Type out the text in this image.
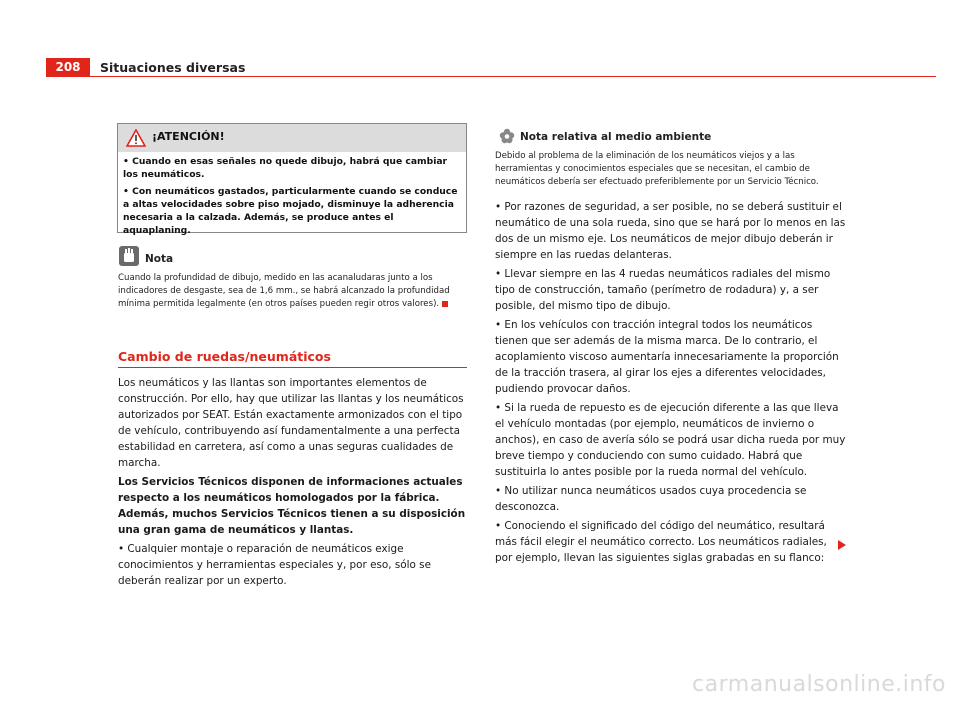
208	Situaciones diversas
¡ATENCIÓN!

• Cuando en esas señales no quede dibujo, habrá que cambiar los neumáticos.

• Con neumáticos gastados, particularmente cuando se conduce a altas velocidades sobre piso mojado, disminuye la adherencia necesaria a la calzada. Además, se produce antes el aquaplaning.

Nota
Cuando la profundidad de dibujo, medido en las acanaludaras junto a los indicadores de desgaste, sea de 1,6 mm., se habrá alcanzado la profundidad mínima permitida legalmente (en otros países pueden regir otros valores).
Cambio de ruedas/neumáticos

Los neumáticos y las llantas son importantes elementos de construcción. Por ello, hay que utilizar las llantas y los neumáticos autorizados por SEAT. Están exactamente armonizados con el tipo de vehículo, contribuyendo así fundamentalmente a una perfecta estabilidad en carretera, así como a unas seguras cualidades de marcha.

Los Servicios Técnicos disponen de informaciones actuales respecto a los neumáticos homologados por la fábrica. Además, muchos Servicios Técnicos tienen a su disposición una gran gama de neumáticos y llantas.

• Cualquier montaje o reparación de neumáticos exige conocimientos y herramientas especiales y, por eso, sólo se deberán realizar por un experto.

Nota relativa al medio ambiente
Debido al problema de la eliminación de los neumáticos viejos y a las herramientas y conocimientos especiales que se necesitan, el cambio de neumáticos debería ser efectuado preferiblemente por un Servicio Técnico.

• Por razones de seguridad, a ser posible, no se deberá sustituir el neumático de una sola rueda, sino que se hará por lo menos en las dos de un mismo eje. Los neumáticos de mejor dibujo deberán ir siempre en las ruedas delanteras.

• Llevar siempre en las 4 ruedas neumáticos radiales del mismo tipo de construcción, tamaño (perímetro de rodadura) y, a ser posible, del mismo tipo de dibujo.

• En los vehículos con tracción integral todos los neumáticos tienen que ser además de la misma marca. De lo contrario, el acoplamiento viscoso aumentaría innecesariamente la proporción de la tracción trasera, al girar los ejes a diferentes velocidades, pudiendo provocar daños.

• Si la rueda de repuesto es de ejecución diferente a las que lleva el vehículo montadas (por ejemplo, neumáticos de invierno o anchos), en caso de avería sólo se podrá usar dicha rueda por muy breve tiempo y conduciendo con sumo cuidado. Habrá que sustituirla lo antes posible por la rueda normal del vehículo.

• No utilizar nunca neumáticos usados cuya procedencia se desconozca.

• Conociendo el significado del código del neumático, resultará más fácil elegir el neumático correcto. Los neumáticos radiales, por ejemplo, llevan las siguientes siglas grabadas en su flanco:

carmanualsonline.info
